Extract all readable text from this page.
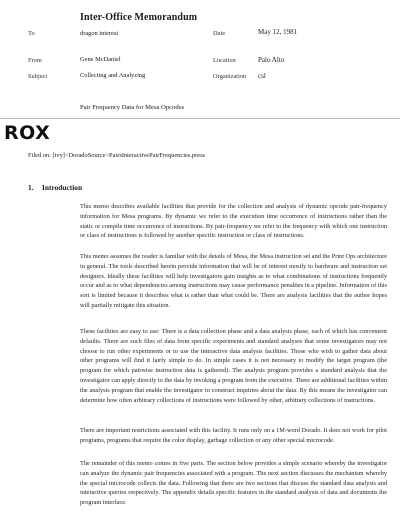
Inter-Office Memorandum
To	dragon interest	Date	May 12, 1981
From	Gene McDaniel	Location	Palo Alto
Subject	Collecting and Analyzing	Organization csl
Pair Frequency Data for Mesa Opcodes
ROX
Filed on: [ivy]<DoradoSource>PairsInteractivePairFrequencies.press
1. Introduction

This memo describes available facilities that provide for the collection and analysis of dynamic opcode pair-frequency information for Mesa programs. By dynamic we refer to the execution time occurrence of instructions rather than the static or compile time occurrence of instructions. By pair-frequency we refer to the frequency with which one instruction or class of instructions is followed by another specific instruction or class of instructions.

This memo assumes the reader is familiar with the details of Mesa, the Mesa instruction set and the Print Ops architecture in general. The tools described herein provide information that will be of interest mostly to hardware and instruction set designers. Ideally these facilities will help investigators gain insights as to what combinations of instructions frequently occur and as to what dependencies among instructions may cause performance penalties in a pipeline. Information of this sort is limited because it describes what is rather than what could be. There are analysis facilities that the author hopes will partially mitigate this situation.

These facilities are easy to use: There is a data collection phase and a data analysis phase, each of which has convenient defaults. There are such files of data from specific experiments and standard analyses that some investigators may not choose to run other experiments or to use the interactive data analysis facilities. Those who wish to gather data about other programs will find it fairly simple to do. In simple cases it is not necessary to modify the target program (the program for which pairwise instruction data is gathered). The analysis program provides a standard analysis that the investigator can apply directly to the data by invoking a program from the executive. There are additional facilities within the analysis program that enable the investigator to construct inquiries about the data. By this means the investigator can determine how often arbitrary collections of instructions were followed by other, arbitrary collections of instructions.

There are important restrictions associated with this facility. It runs only on a 1M-word Dorado. It does not work for pilot programs, programs that require the color display, garbage collection or any other special microcode.

The remainder of this memo comes in five parts. The section below provides a simple scenario whereby the investigator can analyze the dynamic pair frequencies associated with a program. The next section discusses the mechanism whereby the special microcode collects the data. Following that there are two sections that discuss the standard data analysis and interactive queries respectively. The appendix details specific features in the standard analysis of data and documents the program interface.
